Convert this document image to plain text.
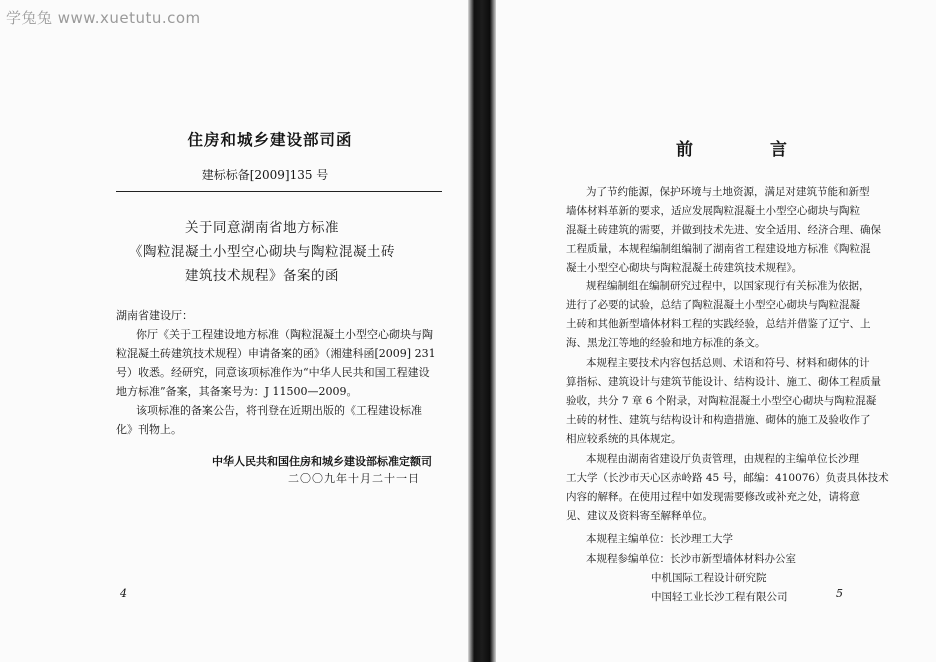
学兔兔 www.xuetutu.com
住房和城乡建设部司函
建标标备[2009]135 号
关于同意湖南省地方标准
《陶粒混凝土小型空心砌块与陶粒混凝土砖
建筑技术规程》备案的函
湖南省建设厅：
你厅《关于工程建设地方标准（陶粒混凝土小型空心砌块与陶
粒混凝土砖建筑技术规程）申请备案的函》（湘建科函[2009] 231
号）收悉。经研究，同意该项标准作为“中华人民共和国工程建设
地方标准”备案，其备案号为：J 11500—2009。
该项标准的备案公告，将刊登在近期出版的《工程建设标准
化》刊物上。
中华人民共和国住房和城乡建设部标准定额司
二〇〇九年十月二十一日
4
前　言
为了节约能源，保护环境与土地资源，满足对建筑节能和新型
墙体材料革新的要求，适应发展陶粒混凝土小型空心砌块与陶粒
混凝土砖建筑的需要，并做到技术先进、安全适用、经济合理、确保
工程质量，本规程编制组编制了湖南省工程建设地方标准《陶粒混
凝土小型空心砌块与陶粒混凝土砖建筑技术规程》。
规程编制组在编制研究过程中，以国家现行有关标准为依据，
进行了必要的试验，总结了陶粒混凝土小型空心砌块与陶粒混凝
土砖和其他新型墙体材料工程的实践经验，总结并借鉴了辽宁、上
海、黑龙江等地的经验和地方标准的条文。
本规程主要技术内容包括总则、术语和符号、材料和砌体的计
算指标、建筑设计与建筑节能设计、结构设计、施工、砌体工程质量
验收，共分 7 章 6 个附录，对陶粒混凝土小型空心砌块与陶粒混凝
土砖的材性、建筑与结构设计和构造措施、砌体的施工及验收作了
相应较系统的具体规定。
本规程由湖南省建设厅负责管理，由规程的主编单位长沙理
工大学（长沙市天心区赤岭路 45 号，邮编：410076）负责具体技术
内容的解释。在使用过程中如发现需要修改或补充之处，请将意
见、建议及资料寄至解释单位。
本规程主编单位：长沙理工大学
本规程参编单位：长沙市新型墙体材料办公室
中机国际工程设计研究院
中国轻工业长沙工程有限公司	5
